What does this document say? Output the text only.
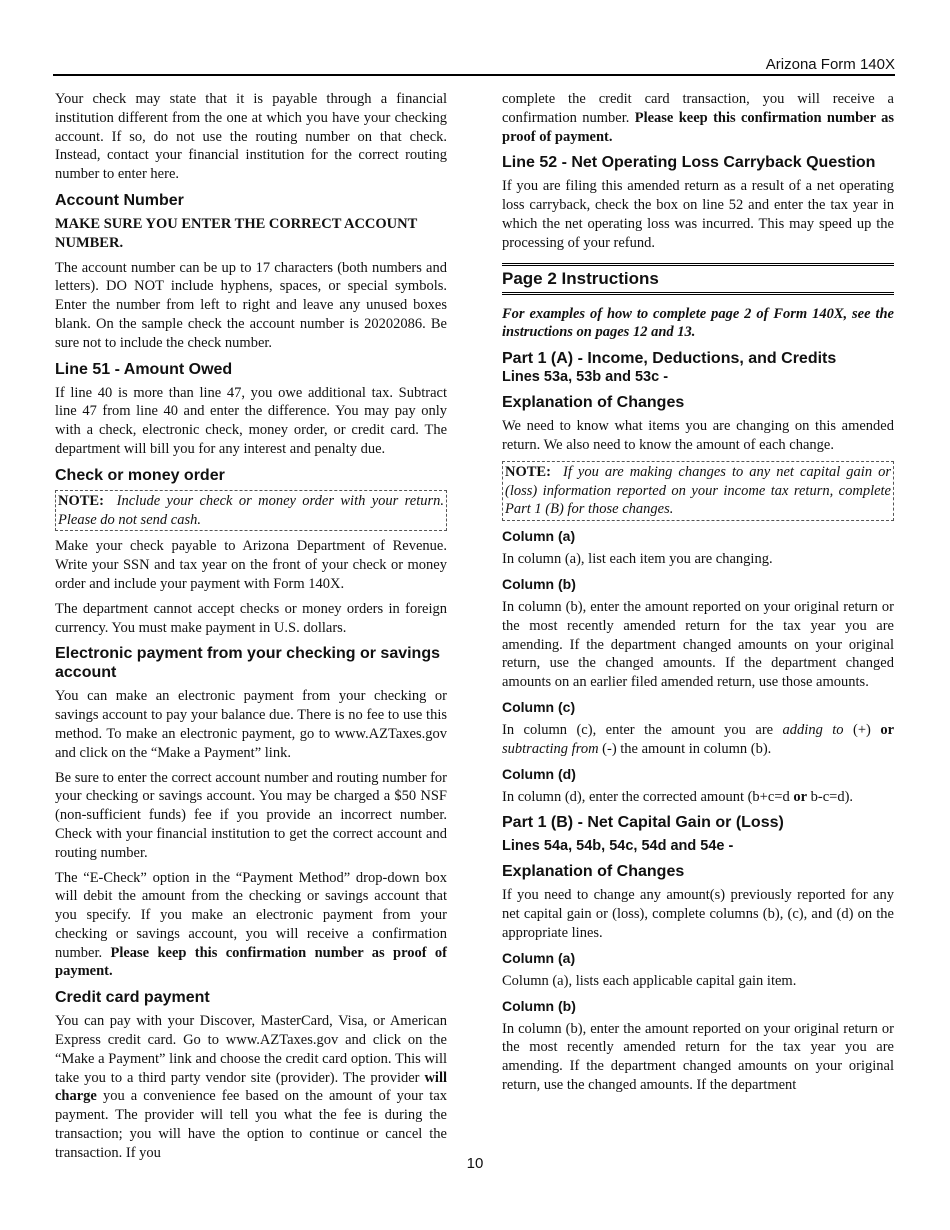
Arizona Form 140X

Your check may state that it is payable through a financial institution different from the one at which you have your checking account. If so, do not use the routing number on that check. Instead, contact your financial institution for the correct routing number to enter here.

Account Number

MAKE SURE YOU ENTER THE CORRECT ACCOUNT NUMBER.

The account number can be up to 17 characters (both numbers and letters). DO NOT include hyphens, spaces, or special symbols. Enter the number from left to right and leave any unused boxes blank. On the sample check the account number is 20202086. Be sure not to include the check number.

Line 51 - Amount Owed

If line 40 is more than line 47, you owe additional tax. Subtract line 47 from line 40 and enter the difference. You may pay only with a check, electronic check, money order, or credit card. The department will bill you for any interest and penalty due.

Check or money order

NOTE: Include your check or money order with your return. Please do not send cash.

Make your check payable to Arizona Department of Revenue. Write your SSN and tax year on the front of your check or money order and include your payment with Form 140X.

The department cannot accept checks or money orders in foreign currency. You must make payment in U.S. dollars.

Electronic payment from your checking or savings account

You can make an electronic payment from your checking or savings account to pay your balance due. There is no fee to use this method. To make an electronic payment, go to www.AZTaxes.gov and click on the “Make a Payment” link.

Be sure to enter the correct account number and routing number for your checking or savings account. You may be charged a $50 NSF (non-sufficient funds) fee if you provide an incorrect number. Check with your financial institution to get the correct account and routing number.

The “E-Check” option in the “Payment Method” drop-down box will debit the amount from the checking or savings account that you specify. If you make an electronic payment from your checking or savings account, you will receive a confirmation number. Please keep this confirmation number as proof of payment.

Credit card payment

You can pay with your Discover, MasterCard, Visa, or American Express credit card. Go to www.AZTaxes.gov and click on the “Make a Payment” link and choose the credit card option. This will take you to a third party vendor site (provider). The provider will charge you a convenience fee based on the amount of your tax payment. The provider will tell you what the fee is during the transaction; you will have the option to continue or cancel the transaction. If you

complete the credit card transaction, you will receive a confirmation number. Please keep this confirmation number as proof of payment.

Line 52 - Net Operating Loss Carryback Question

If you are filing this amended return as a result of a net operating loss carryback, check the box on line 52 and enter the tax year in which the net operating loss was incurred. This may speed up the processing of your refund.

Page 2 Instructions

For examples of how to complete page 2 of Form 140X, see the instructions on pages 12 and 13.

Part 1 (A) - Income, Deductions, and Credits
Lines 53a, 53b and 53c -
Explanation of Changes

We need to know what items you are changing on this amended return. We also need to know the amount of each change.

NOTE: If you are making changes to any net capital gain or (loss) information reported on your income tax return, complete Part 1 (B) for those changes.

Column (a)

In column (a), list each item you are changing.

Column (b)

In column (b), enter the amount reported on your original return or the most recently amended return for the tax year you are amending. If the department changed amounts on your original return, use the changed amounts. If the department changed amounts on an earlier filed amended return, use those amounts.

Column (c)

In column (c), enter the amount you are adding to (+) or subtracting from (-) the amount in column (b).

Column (d)

In column (d), enter the corrected amount (b+c=d or b-c=d).

Part 1 (B) - Net Capital Gain or (Loss)
Lines 54a, 54b, 54c, 54d and 54e -
Explanation of Changes

If you need to change any amount(s) previously reported for any net capital gain or (loss), complete columns (b), (c), and (d) on the appropriate lines.

Column (a)

Column (a), lists each applicable capital gain item.

Column (b)

In column (b), enter the amount reported on your original return or the most recently amended return for the tax year you are amending. If the department changed amounts on your original return, use the changed amounts. If the department

10
